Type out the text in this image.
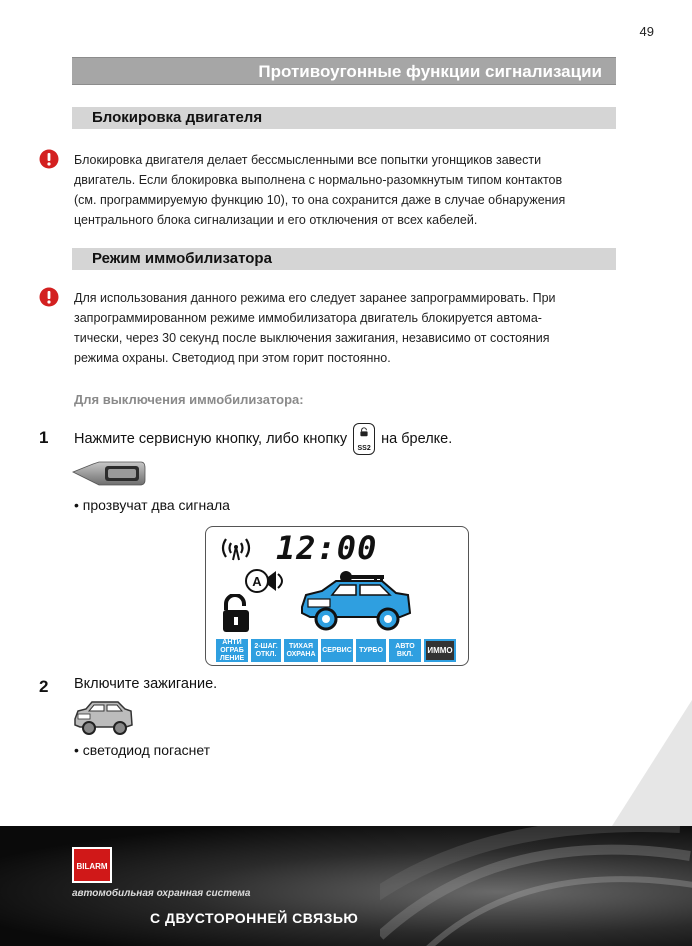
49
Противоугонные функции сигнализации
Блокировка двигателя
Блокировка двигателя делает бессмысленными все попытки угонщиков завести
двигатель. Если блокировка выполнена с нормально-разомкнутым типом контактов
(см. программируемую функцию 10), то она сохранится даже в случае обнаружения
центрального блока сигнализации и его отключения от всех кабелей.
Режим иммобилизатора
Для использования данного режима его следует заранее запрограммировать. При
запрограммированном режиме иммобилизатора двигатель блокируется автома-
тически, через 30 секунд после выключения зажигания, независимо от состояния
режима охраны. Светодиод при этом горит постоянно.
Для выключения иммобилизатора:
1 Нажмите сервисную кнопку, либо кнопку
SS2
на брелке.
• прозвучат два сигнала
12:00
A
АНТИ ОГРАБ ЛЕНИЕ
2-ШАГ. ОТКЛ.
ТИХАЯ ОХРАНА
СЕРВИС	ТУРБО
АВТО ВКЛ.	ИММО
2 Включите зажигание.
• светодиод погаснет
BILARM
автомобильная охранная система
С ДВУСТОРОННЕЙ СВЯЗЬЮ
